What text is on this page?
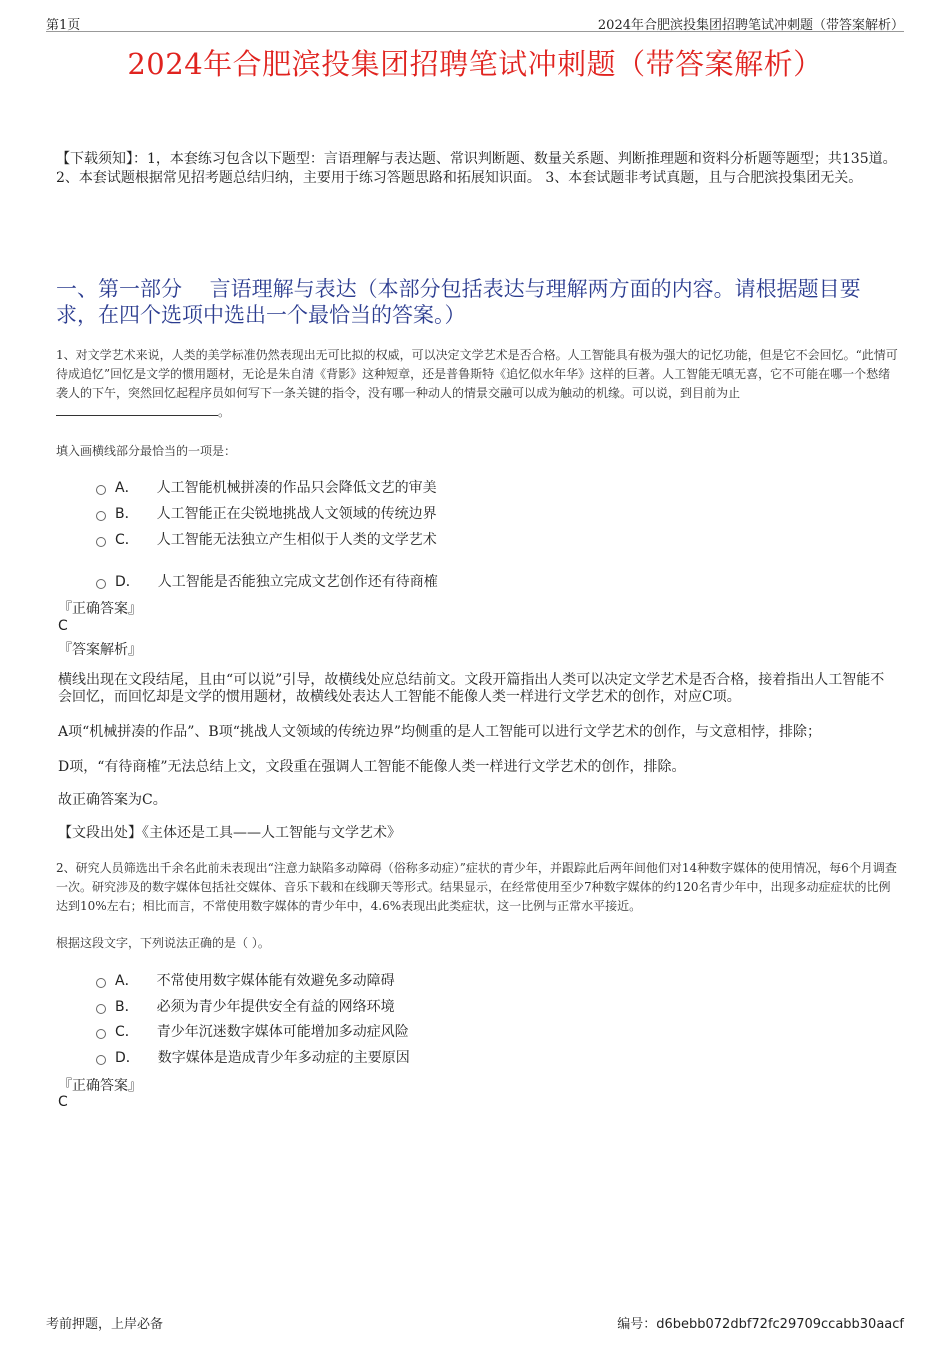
第1页	2024年合肥滨投集团招聘笔试冲刺题（带答案解析）
2024年合肥滨投集团招聘笔试冲刺题（带答案解析）
【下载须知】：1，本套练习包含以下题型：言语理解与表达题、常识判断题、数量关系题、判断推理题和资料分析题等题型；共135道。 2、本套试题根据常见招考题总结归纳，主要用于练习答题思路和拓展知识面。 3、本套试题非考试真题，且与合肥滨投集团无关。
一、第一部分　 言语理解与表达（本部分包括表达与理解两方面的内容。请根据题目要求，在四个选项中选出一个最恰当的答案。）
1、对文学艺术来说，人类的美学标准仍然表现出无可比拟的权威，可以决定文学艺术是否合格。人工智能具有极为强大的记忆功能，但是它不会回忆。“此情可待成追忆”回忆是文学的惯用题材，无论是朱自清《背影》这种短章，还是普鲁斯特《追忆似水年华》这样的巨著。人工智能无嗔无喜，它不可能在哪一个愁绪袭人的下午，突然回忆起程序员如何写下一条关键的指令，没有哪一种动人的情景交融可以成为触动的机缘。可以说，到目前为止。
填入画横线部分最恰当的一项是：
A． 人工智能机械拼凑的作品只会降低文艺的审美
B． 人工智能正在尖锐地挑战人文领域的传统边界
C． 人工智能无法独立产生相似于人类的文学艺术
D． 人工智能是否能独立完成文艺创作还有待商榷
『正确答案』
C
『答案解析』
横线出现在文段结尾，且由“可以说”引导，故横线处应总结前文。文段开篇指出人类可以决定文学艺术是否合格，接着指出人工智能不会回忆，而回忆却是文学的惯用题材，故横线处表达人工智能不能像人类一样进行文学艺术的创作，对应C项。
A项“机械拼凑的作品”、B项“挑战人文领域的传统边界”均侧重的是人工智能可以进行文学艺术的创作，与文意相悖，排除；
D项，“有待商榷”无法总结上文，文段重在强调人工智能不能像人类一样进行文学艺术的创作，排除。
故正确答案为C。
【文段出处】《主体还是工具——人工智能与文学艺术》
2、研究人员筛选出千余名此前未表现出“注意力缺陷多动障碍（俗称多动症）”症状的青少年，并跟踪此后两年间他们对14种数字媒体的使用情况，每6个月调查一次。研究涉及的数字媒体包括社交媒体、音乐下载和在线聊天等形式。结果显示，在经常使用至少7种数字媒体的约120名青少年中，出现多动症症状的比例达到10%左右；相比而言，不常使用数字媒体的青少年中，4.6%表现出此类症状，这一比例与正常水平接近。
根据这段文字，下列说法正确的是（ ）。
A． 不常使用数字媒体能有效避免多动障碍
B． 必须为青少年提供安全有益的网络环境
C． 青少年沉迷数字媒体可能增加多动症风险
D． 数字媒体是造成青少年多动症的主要原因
『正确答案』
C
考前押题，上岸必备	编号：d6bebb072dbf72fc29709ccabb30aacf
